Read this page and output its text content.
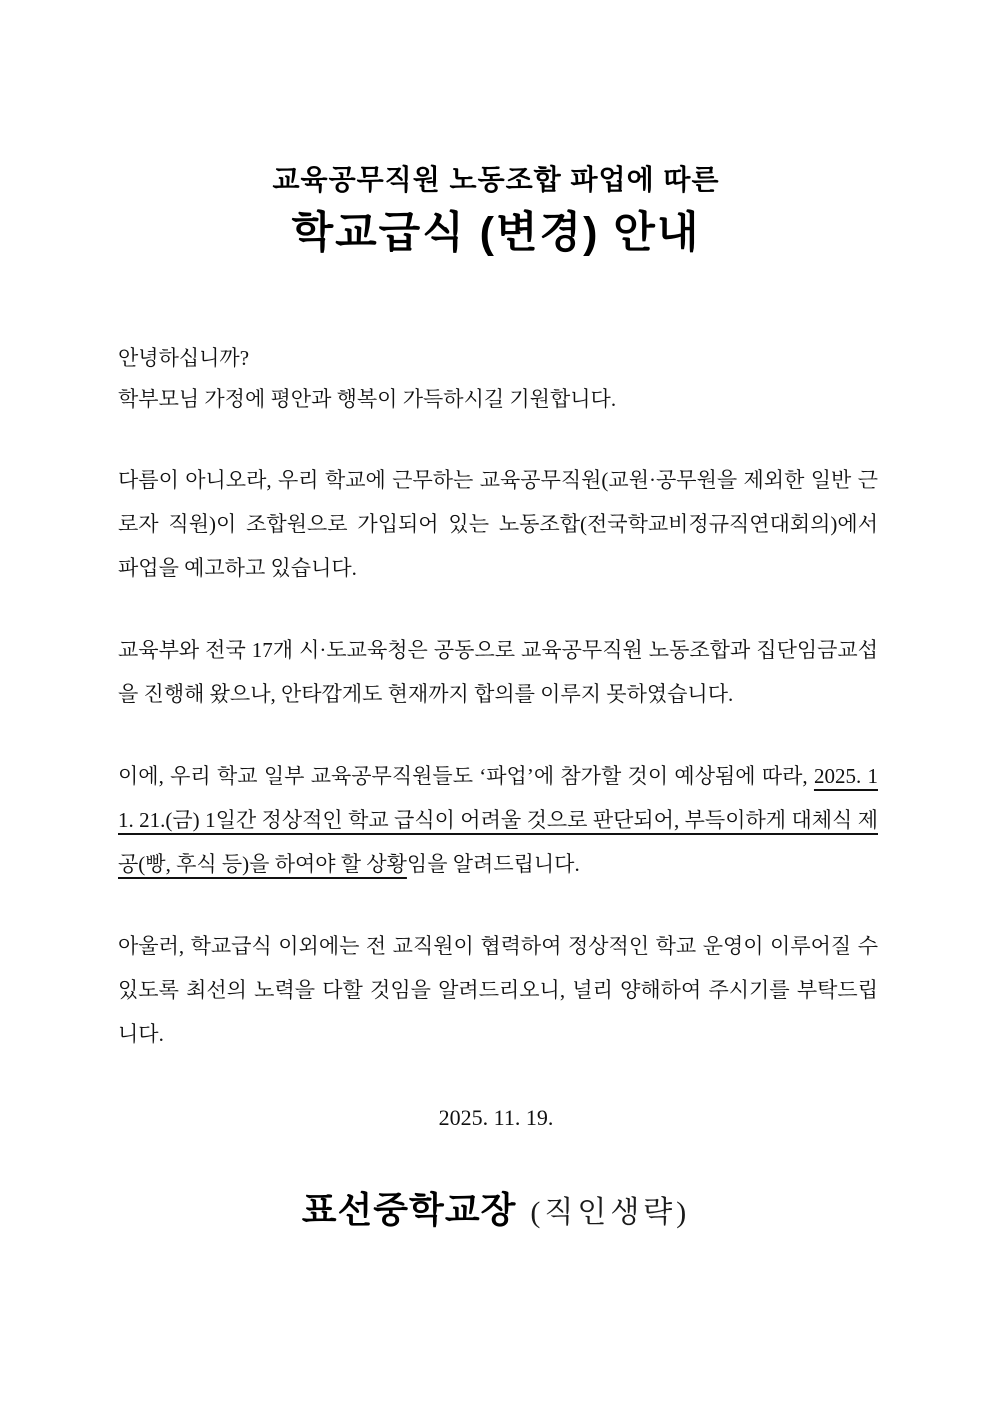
교육공무직원 노동조합 파업에 따른
학교급식 (변경) 안내

안녕하십니까?
학부모님 가정에 평안과 행복이 가득하시길 기원합니다.

다름이 아니오라, 우리 학교에 근무하는 교육공무직원(교원·공무원을 제외한 일반 근로자 직원)이 조합원으로 가입되어 있는 노동조합(전국학교비정규직연대회의)에서 파업을 예고하고 있습니다.

교육부와 전국 17개 시·도교육청은 공동으로 교육공무직원 노동조합과 집단임금교섭을 진행해 왔으나, 안타깝게도 현재까지 합의를 이루지 못하였습니다.

이에, 우리 학교 일부 교육공무직원들도 ‘파업’에 참가할 것이 예상됨에 따라, 2025. 11. 21.(금) 1일간 정상적인 학교 급식이 어려울 것으로 판단되어, 부득이하게 대체식 제공(빵, 후식 등)을 하여야 할 상황임을 알려드립니다.

아울러, 학교급식 이외에는 전 교직원이 협력하여 정상적인 학교 운영이 이루어질 수 있도록 최선의 노력을 다할 것임을 알려드리오니, 널리 양해하여 주시기를 부탁드립니다.

2025. 11. 19.
표선중학교장 (직인생략)
